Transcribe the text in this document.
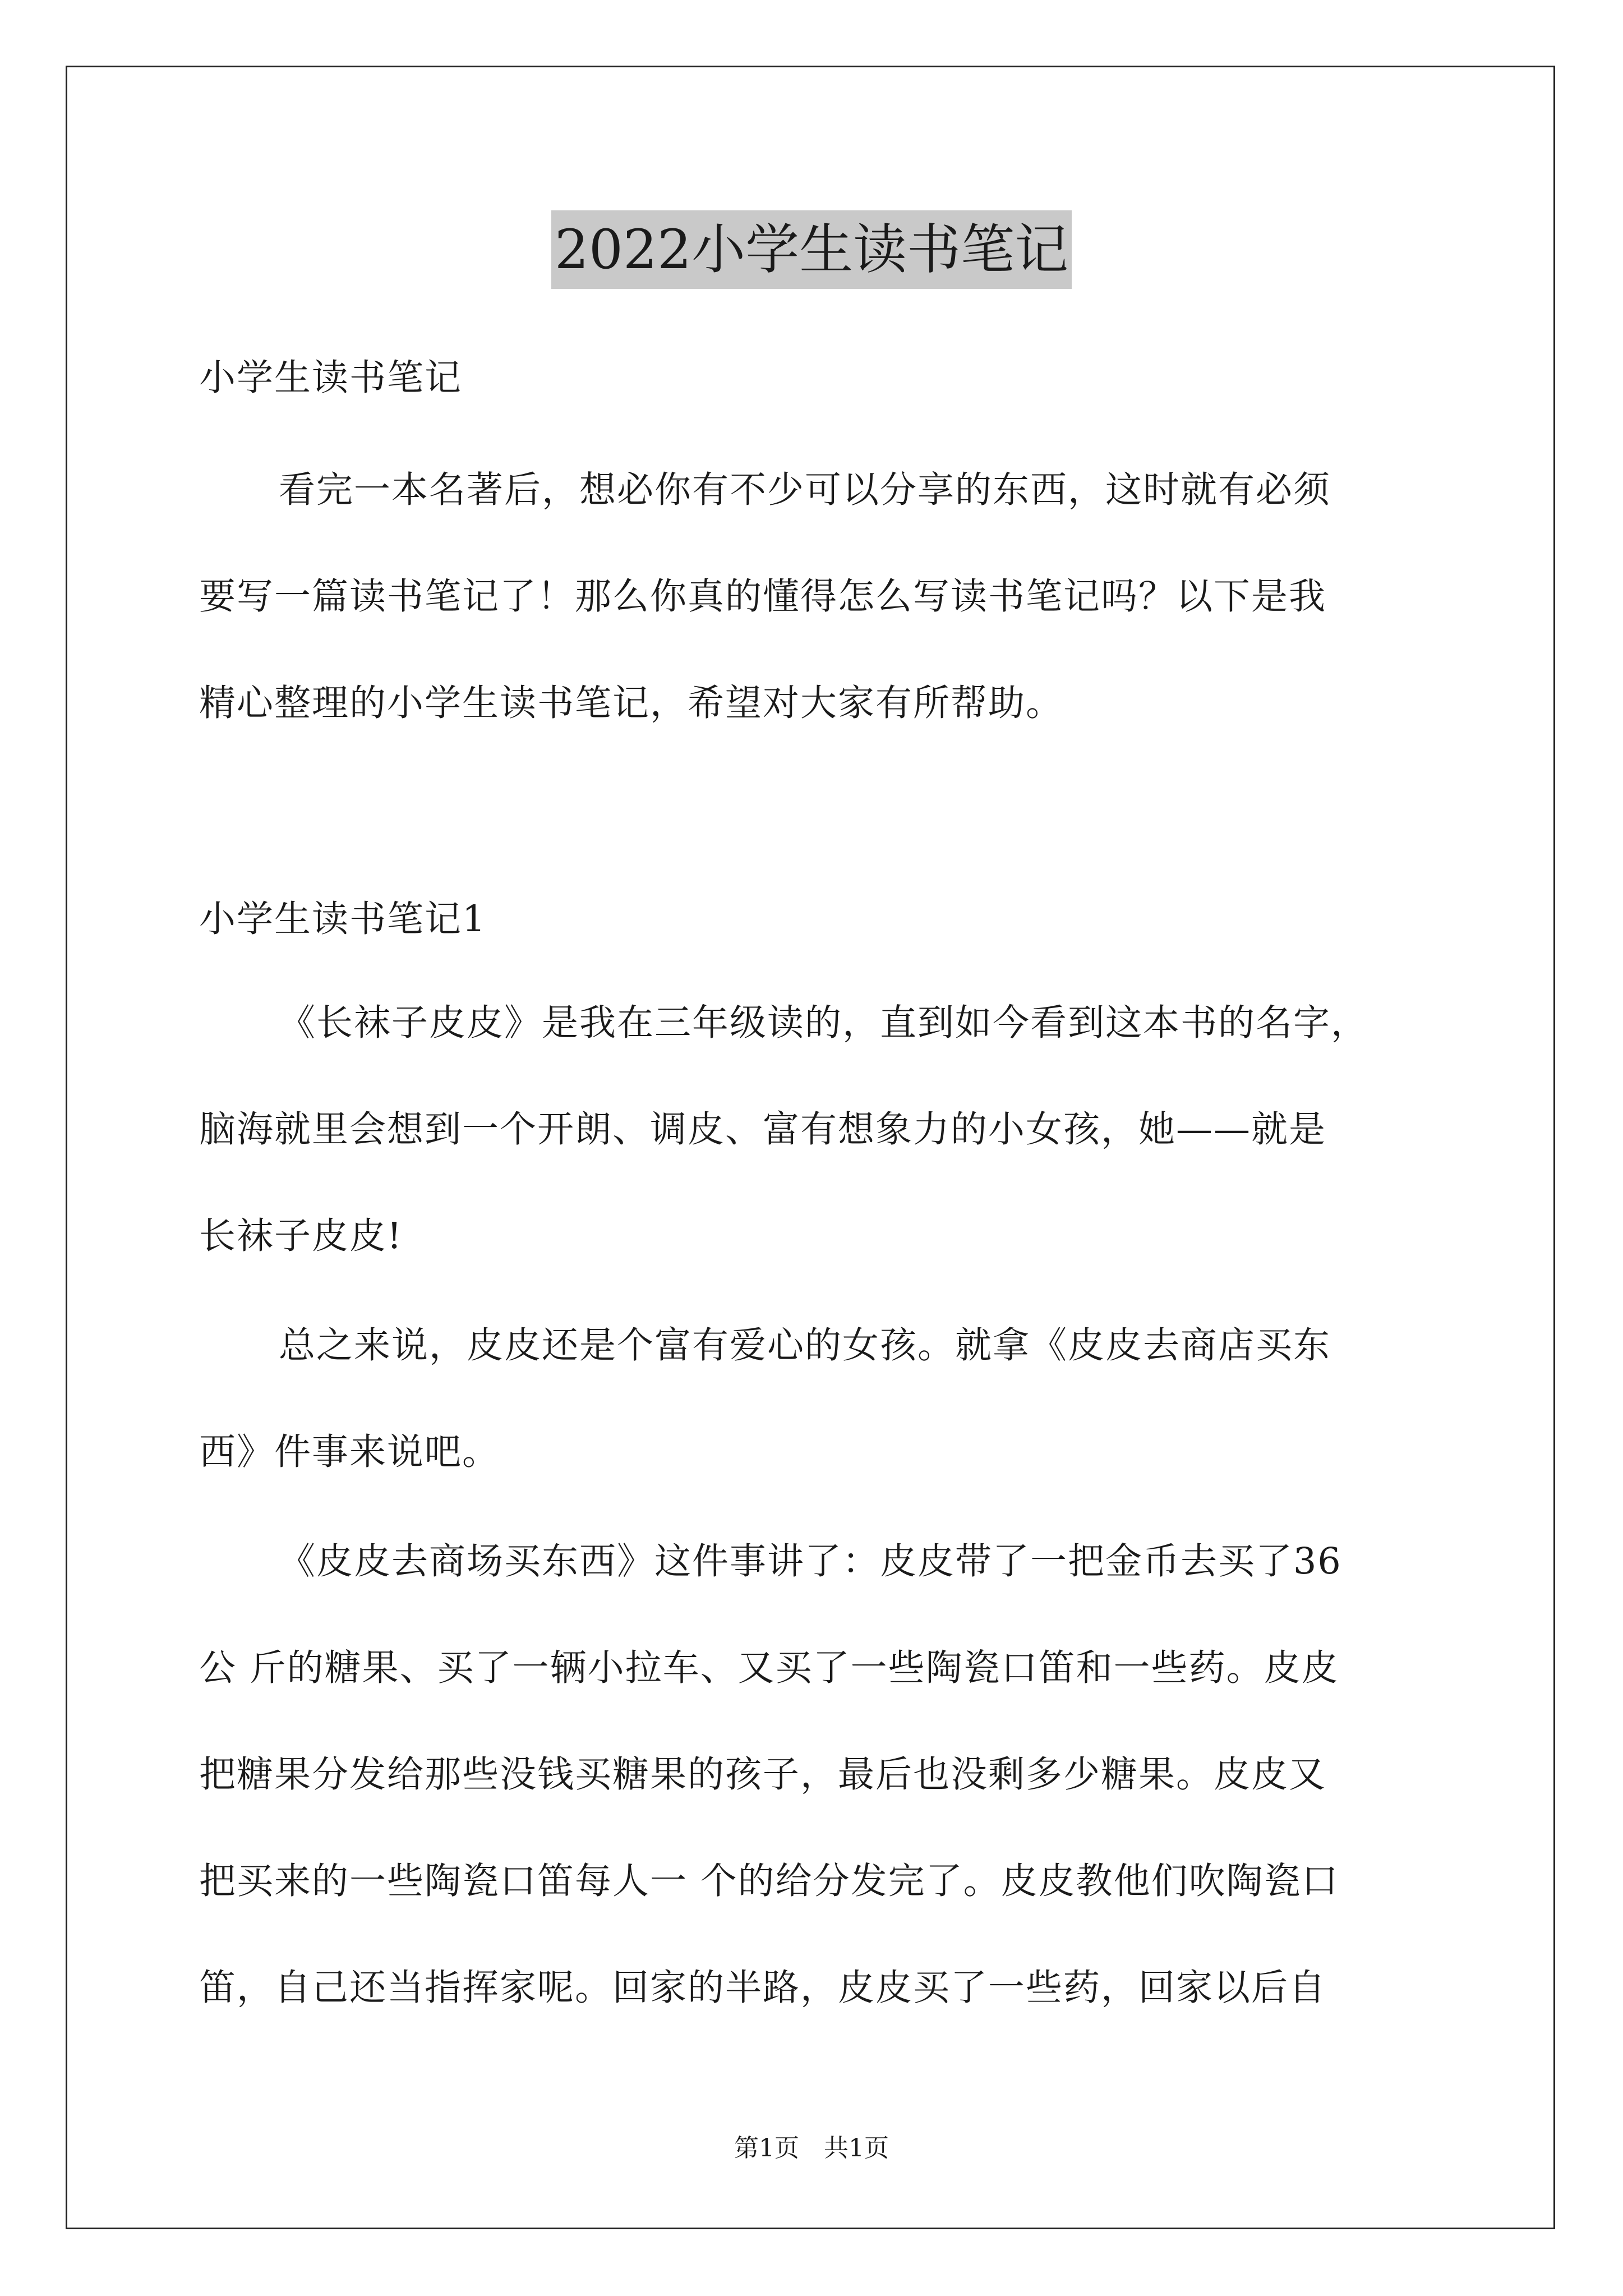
2022小学生读书笔记
小学生读书笔记
看完一本名著后，想必你有不少可以分享的东西，这时就有必须
要写一篇读书笔记了！那么你真的懂得怎么写读书笔记吗？以下是我
精心整理的小学生读书笔记，希望对大家有所帮助。
小学生读书笔记1
《长袜子皮皮》是我在三年级读的，直到如今看到这本书的名字，
脑海就里会想到一个开朗、调皮、富有想象力的小女孩，她——就是
长袜子皮皮!
总之来说，皮皮还是个富有爱心的女孩。就拿《皮皮去商店买东
西》件事来说吧。
《皮皮去商场买东西》这件事讲了：皮皮带了一把金币去买了36
公 斤的糖果、买了一辆小拉车、又买了一些陶瓷口笛和一些药。皮皮
把糖果分发给那些没钱买糖果的孩子，最后也没剩多少糖果。皮皮又
把买来的一些陶瓷口笛每人一 个的给分发完了。皮皮教他们吹陶瓷口
笛，自己还当指挥家呢。回家的半路，皮皮买了一些药，回家以后自
第1页　共1页
